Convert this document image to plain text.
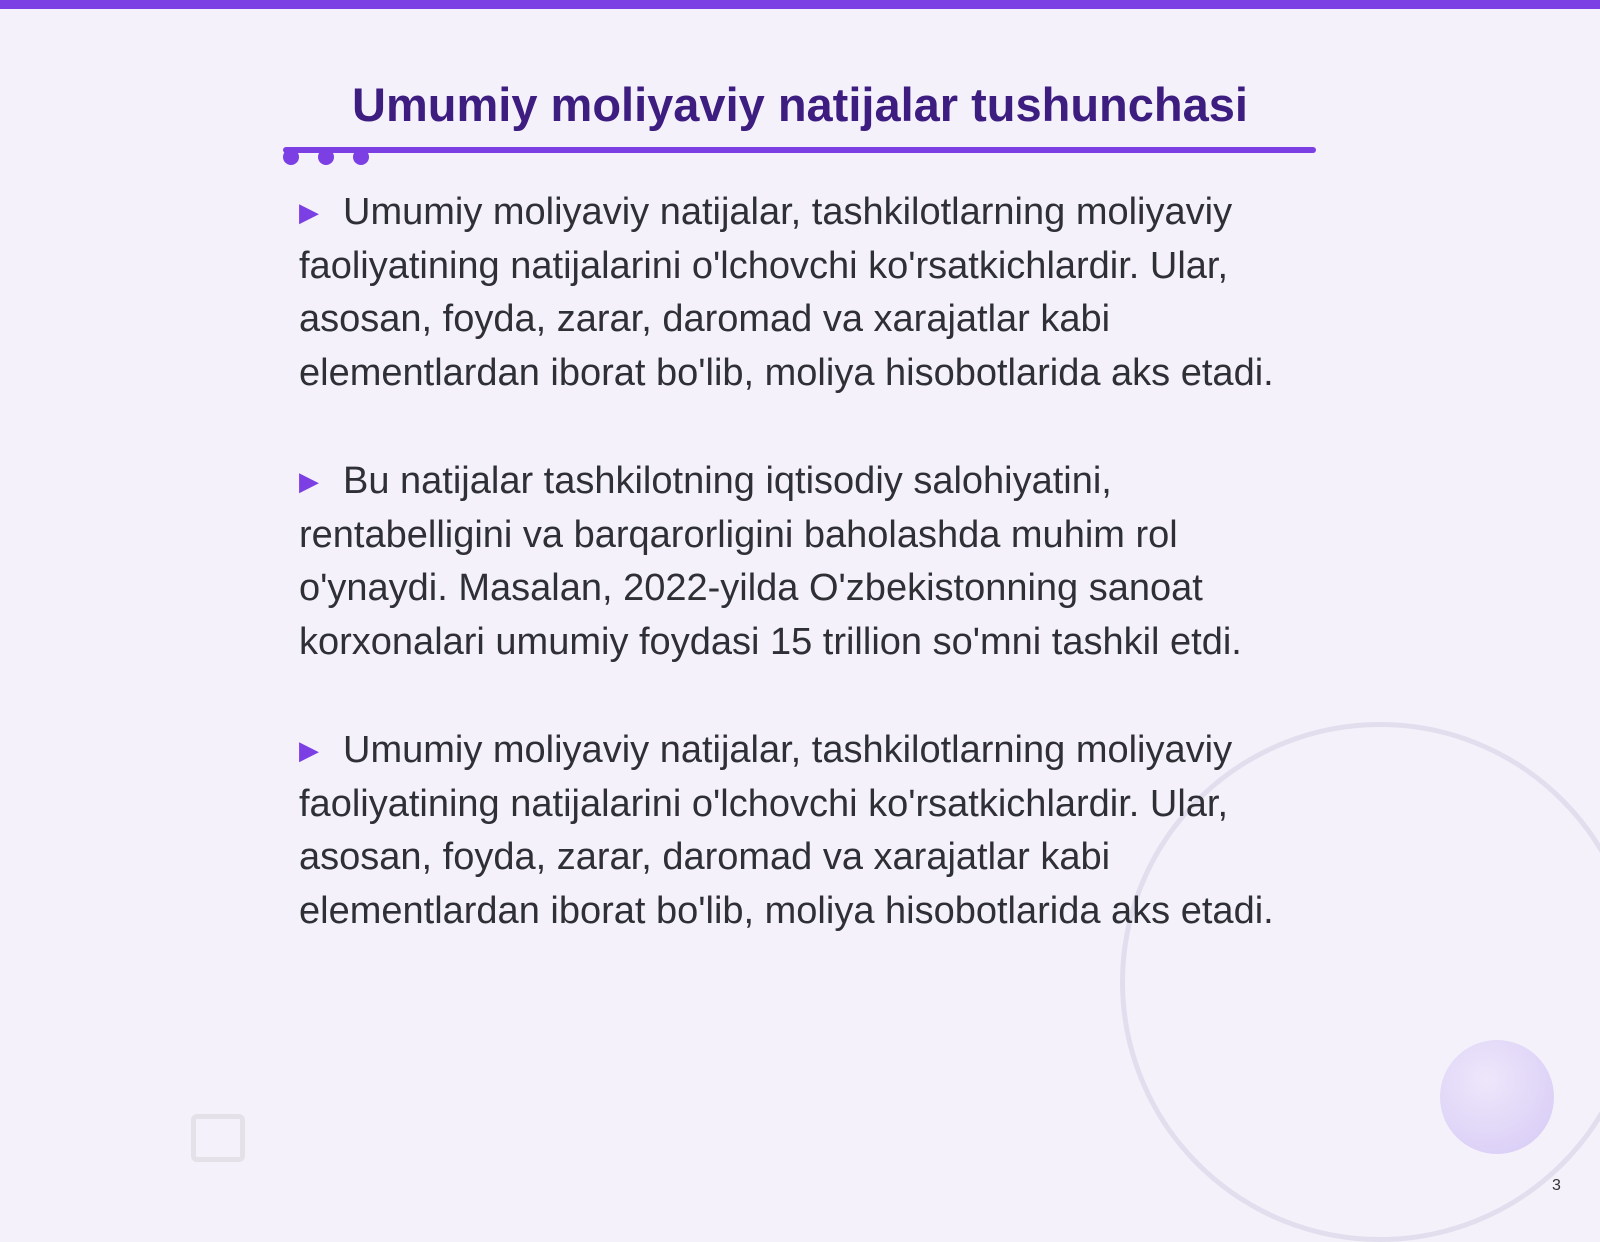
Umumiy moliyaviy natijalar tushunchasi

▶ Umumiy moliyaviy natijalar, tashkilotlarning moliyaviy faoliyatining natijalarini o'lchovchi ko'rsatkichlardir. Ular, asosan, foyda, zarar, daromad va xarajatlar kabi elementlardan iborat bo'lib, moliya hisobotlarida aks etadi.

▶ Bu natijalar tashkilotning iqtisodiy salohiyatini, rentabelligini va barqarorligini baholashda muhim rol o'ynaydi. Masalan, 2022-yilda O'zbekistonning sanoat korxonalari umumiy foydasi 15 trillion so'mni tashkil etdi.

▶ Umumiy moliyaviy natijalar, tashkilotlarning moliyaviy faoliyatining natijalarini o'lchovchi ko'rsatkichlardir. Ular, asosan, foyda, zarar, daromad va xarajatlar kabi elementlardan iborat bo'lib, moliya hisobotlarida aks etadi.

3
